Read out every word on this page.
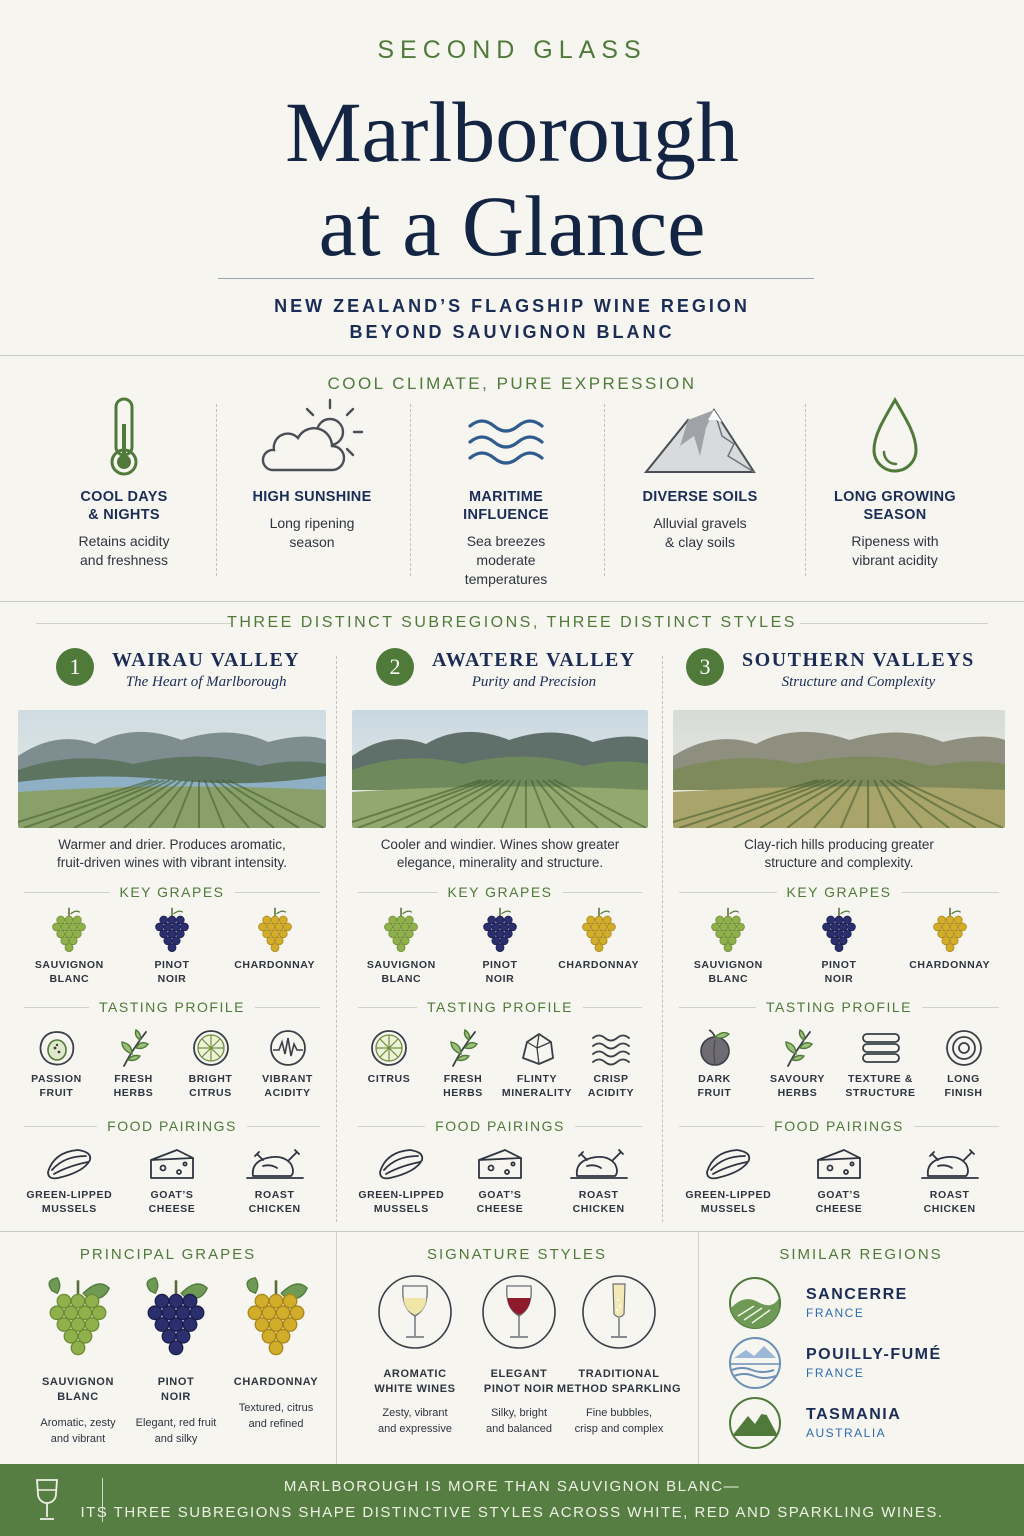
SECOND GLASS
Marlborough
at a Glance
NEW ZEALAND’S FLAGSHIP WINE REGION
BEYOND SAUVIGNON BLANC
COOL CLIMATE, PURE EXPRESSION
COOL DAYS
& NIGHTS
Retains acidity
and freshness
HIGH SUNSHINE
Long ripening
season
MARITIME
INFLUENCE
Sea breezes
moderate
temperatures
DIVERSE SOILS
Alluvial gravels
& clay soils
LONG GROWING
SEASON
Ripeness with
vibrant acidity
THREE DISTINCT SUBREGIONS, THREE DISTINCT STYLES
1	WAIRAU VALLEY
The Heart of Marlborough
Warmer and drier. Produces aromatic,
fruit-driven wines with vibrant intensity.
KEY GRAPES
SAUVIGNON
BLANC
PINOT
NOIR
CHARDONNAY
TASTING PROFILE
PASSION
FRUIT
FRESH
HERBS
BRIGHT
CITRUS
VIBRANT
ACIDITY
FOOD PAIRINGS
GREEN-LIPPED
MUSSELS
GOAT’S
CHEESE
ROAST
CHICKEN
2	AWATERE VALLEY
Purity and Precision
Cooler and windier. Wines show greater
elegance, minerality and structure.
KEY GRAPES
SAUVIGNON
BLANC
PINOT
NOIR
CHARDONNAY
TASTING PROFILE
CITRUS	FRESH
HERBS
FLINTY
MINERALITY
CRISP
ACIDITY
FOOD PAIRINGS
GREEN-LIPPED
MUSSELS
GOAT’S
CHEESE
ROAST
CHICKEN
3	SOUTHERN VALLEYS
Structure and Complexity
Clay-rich hills producing greater
structure and complexity.
KEY GRAPES
SAUVIGNON
BLANC
PINOT
NOIR
CHARDONNAY
TASTING PROFILE
DARK
FRUIT
SAVOURY
HERBS
TEXTURE &
STRUCTURE
LONG
FINISH
FOOD PAIRINGS
GREEN-LIPPED
MUSSELS
GOAT’S
CHEESE
ROAST
CHICKEN
PRINCIPAL GRAPES
SAUVIGNON
BLANC
Aromatic, zesty
and vibrant
PINOT
NOIR
Elegant, red fruit
and silky
CHARDONNAY
Textured, citrus
and refined
SIGNATURE STYLES
AROMATIC
WHITE WINES
Zesty, vibrant
and expressive
ELEGANT
PINOT NOIR
Silky, bright
and balanced
TRADITIONAL
METHOD SPARKLING
Fine bubbles,
crisp and complex
SIMILAR REGIONS
SANCERRE
FRANCE
POUILLY-FUMÉ
FRANCE
TASMANIA
AUSTRALIA
MARLBOROUGH IS MORE THAN SAUVIGNON BLANC—
ITS THREE SUBREGIONS SHAPE DISTINCTIVE STYLES ACROSS WHITE, RED AND SPARKLING WINES.
